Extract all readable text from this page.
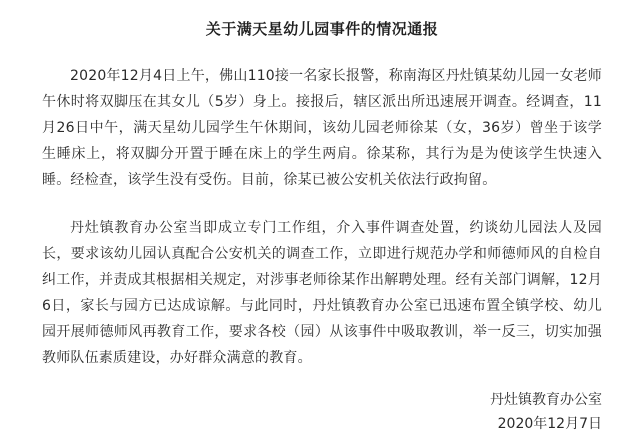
关于满天星幼儿园事件的情况通报

2020年12月4日上午，佛山110接一名家长报警，称南海区丹灶镇某幼儿园一女老师午休时将双脚压在其女儿（5岁）身上。接报后，辖区派出所迅速展开调查。经调查，11月26日中午，满天星幼儿园学生午休期间，该幼儿园老师徐某（女，36岁）曾坐于该学生睡床上，将双脚分开置于睡在床上的学生两肩。徐某称，其行为是为使该学生快速入睡。经检查，该学生没有受伤。目前，徐某已被公安机关依法行政拘留。

丹灶镇教育办公室当即成立专门工作组，介入事件调查处置，约谈幼儿园法人及园长，要求该幼儿园认真配合公安机关的调查工作，立即进行规范办学和师德师风的自检自纠工作，并责成其根据相关规定，对涉事老师徐某作出解聘处理。经有关部门调解，12月6日，家长与园方已达成谅解。与此同时，丹灶镇教育办公室已迅速布置全镇学校、幼儿园开展师德师风再教育工作，要求各校（园）从该事件中吸取教训，举一反三，切实加强教师队伍素质建设，办好群众满意的教育。

丹灶镇教育办公室
2020年12月7日
